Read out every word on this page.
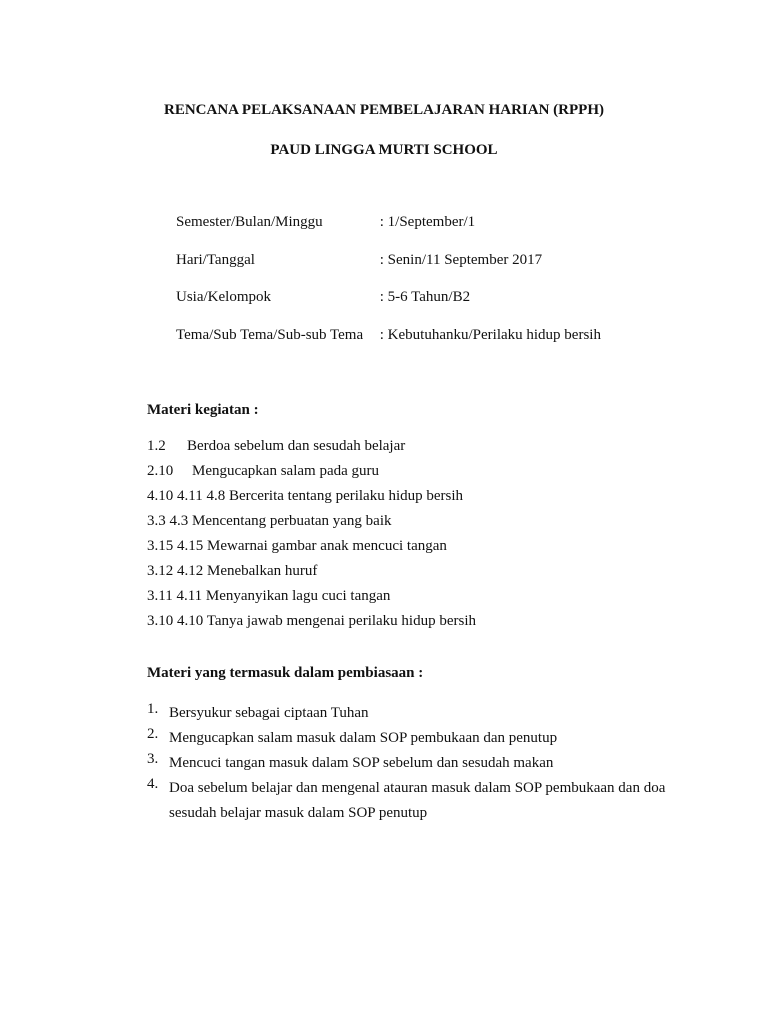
RENCANA PELAKSANAAN PEMBELAJARAN HARIAN (RPPH)
PAUD LINGGA MURTI SCHOOL
Semester/Bulan/Minggu	: 1/September/1
Hari/Tanggal	: Senin/11 September 2017
Usia/Kelompok	: 5-6 Tahun/B2
Tema/Sub Tema/Sub-sub Tema : Kebutuhanku/Perilaku hidup bersih
Materi kegiatan :
1.2 Berdoa sebelum dan sesudah belajar
2.10 Mengucapkan salam pada guru
4.10 4.11 4.8 Bercerita tentang perilaku hidup bersih
3.3 4.3 Mencentang perbuatan yang baik
3.15 4.15 Mewarnai gambar anak mencuci tangan
3.12 4.12 Menebalkan huruf
3.11 4.11 Menyanyikan lagu cuci tangan
3.10 4.10 Tanya jawab mengenai perilaku hidup bersih
Materi yang termasuk dalam pembiasaan :
1. Bersyukur sebagai ciptaan Tuhan
2. Mengucapkan salam masuk dalam SOP pembukaan dan penutup
3. Mencuci tangan masuk dalam SOP sebelum dan sesudah makan
4. Doa sebelum belajar dan mengenal atauran masuk dalam SOP pembukaan dan doa sesudah belajar masuk dalam SOP penutup
